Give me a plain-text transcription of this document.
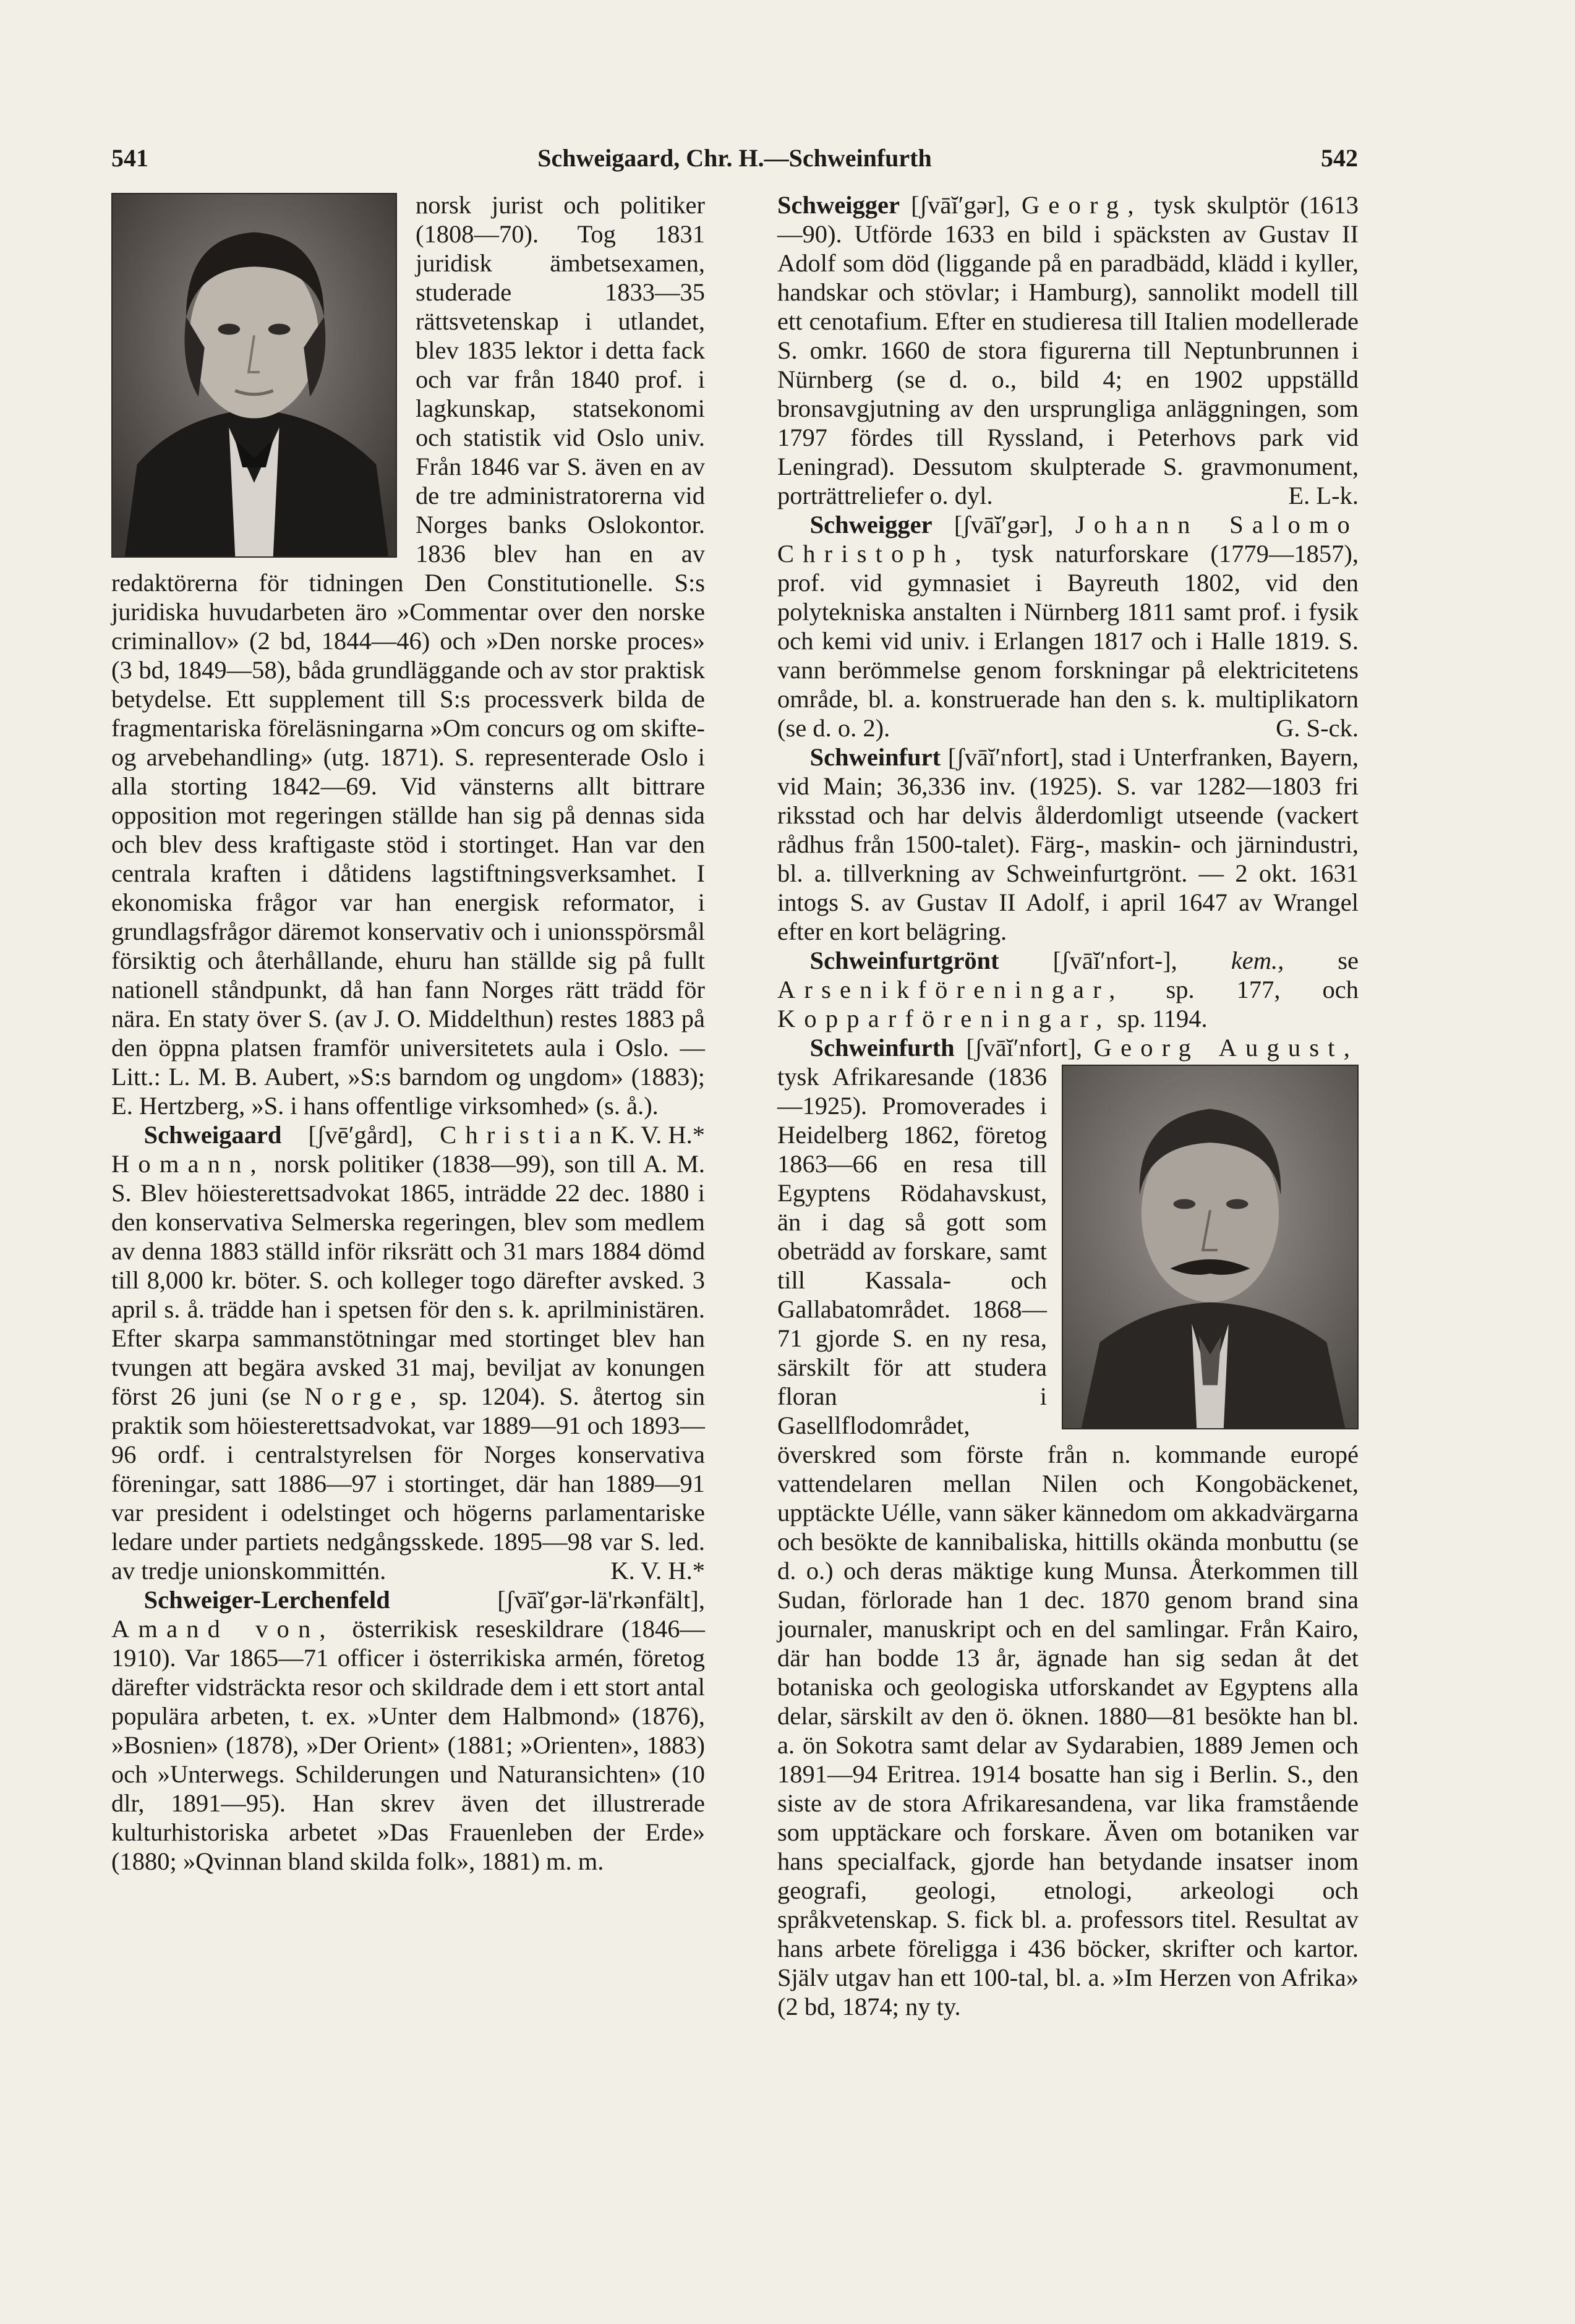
Schweigaard, Chr. H.—Schweinfurth
541	542

norsk jurist och politiker (1808—70). Tog 1831 juridisk ämbetsexamen, studerade 1833—35 rättsvetenskap i utlandet, blev 1835 lektor i detta fack och var från 1840 prof. i lagkunskap, statsekonomi och statistik vid Oslo univ. Från 1846 var S. även en av de tre administratorerna vid Norges banks Oslokontor. 1836 blev han en av redaktörerna för tidningen Den Constitutionelle. S:s juridiska huvudarbeten äro »Commentar over den norske criminallov» (2 bd, 1844—46) och »Den norske proces» (3 bd, 1849—58), båda grundläggande och av stor praktisk betydelse. Ett supplement till S:s processverk bilda de fragmentariska föreläsningarna »Om concurs og om skifte- og arvebehandling» (utg. 1871). S. representerade Oslo i alla storting 1842—69. Vid vänsterns allt bittrare opposition mot regeringen ställde han sig på dennas sida och blev dess kraftigaste stöd i stortinget. Han var den centrala kraften i dåtidens lagstiftningsverksamhet. I ekonomiska frågor var han energisk reformator, i grundlagsfrågor däremot konservativ och i unionsspörsmål försiktig och återhållande, ehuru han ställde sig på fullt nationell ståndpunkt, då han fann Norges rätt trädd för nära. En staty över S. (av J. O. Middelthun) restes 1883 på den öppna platsen framför universitetets aula i Oslo. — Litt.: L. M. B. Aubert, »S:s barndom og ungdom» (1883); E. Hertzberg, »S. i hans offentlige virksomhed» (s. å.).
K. V. H.*

Schweigaard [ʃvēʹgård], Christian Homann, norsk politiker (1838—99), son till A. M. S. Blev höiesterettsadvokat 1865, inträdde 22 dec. 1880 i den konservativa Selmerska regeringen, blev som medlem av denna 1883 ställd inför riksrätt och 31 mars 1884 dömd till 8,000 kr. böter. S. och kolleger togo därefter avsked. 3 april s. å. trädde han i spetsen för den s. k. aprilministären. Efter skarpa sammanstötningar med stortinget blev han tvungen att begära avsked 31 maj, beviljat av konungen först 26 juni (se Norge, sp. 1204). S. återtog sin praktik som höiesterettsadvokat, var 1889—91 och 1893—96 ordf. i centralstyrelsen för Norges konservativa föreningar, satt 1886—97 i stortinget, där han 1889—91 var president i odelstinget och högerns parlamentariske ledare under partiets nedgångsskede. 1895—98 var S. led. av tredje unionskommittén.	K. V. H.*

Schweiger-Lerchenfeld	[ʃvāĭʹgər-lä'rkənfält], Amand von, österrikisk reseskildrare (1846—1910). Var 1865—71 officer i österrikiska armén, företog därefter vidsträckta resor och skildrade dem i ett stort antal populära arbeten, t. ex. »Unter dem Halbmond» (1876), »Bosnien» (1878), »Der Orient» (1881; »Orienten», 1883) och »Unterwegs. Schilderungen und Naturansichten» (10 dlr, 1891—95). Han skrev även det illustrerade kulturhistoriska arbetet »Das Frauenleben der Erde» (1880; »Qvinnan bland skilda folk», 1881) m. m.

Schweigger [ʃvāĭʹgər], Georg, tysk skulptör (1613—90). Utförde 1633 en bild i späcksten av Gustav II Adolf som död (liggande på en paradbädd, klädd i kyller, handskar och stövlar; i Hamburg), sannolikt modell till ett cenotafium. Efter en studieresa till Italien modellerade S. omkr. 1660 de stora figurerna till Neptunbrunnen i Nürnberg (se d. o., bild 4; en 1902 uppställd bronsavgjutning av den ursprungliga anläggningen, som 1797 fördes till Ryssland, i Peterhovs park vid Leningrad). Dessutom skulpterade S. gravmonument, porträttreliefer o. dyl.	E. L-k.

Schweigger [ʃvāĭʹgər], Johann Salomo Christoph, tysk naturforskare (1779—1857), prof. vid gymnasiet i Bayreuth 1802, vid den polytekniska anstalten i Nürnberg 1811 samt prof. i fysik och kemi vid univ. i Erlangen 1817 och i Halle 1819. S. vann berömmelse genom forskningar på elektricitetens område, bl. a. konstruerade han den s. k. multiplikatorn (se d. o. 2).	G. S-ck.

Schweinfurt [ʃvāĭʹnfort], stad i Unterfranken, Bayern, vid Main; 36,336 inv. (1925). S. var 1282—1803 fri riksstad och har delvis ålderdomligt utseende (vackert rådhus från 1500-talet). Färg-, maskin- och järnindustri, bl. a. tillverkning av Schweinfurtgrönt. — 2 okt. 1631 intogs S. av Gustav II Adolf, i april 1647 av Wrangel efter en kort belägring.

Schweinfurtgrönt [ʃvāĭʹnfort-], kem., se Arsenikföreningar, sp. 177, och Kopparföreningar, sp. 1194.

Schweinfurth [ʃvāĭʹnfort], Georg August,
tysk Afrikaresande (1836—1925). Promoverades i Heidelberg 1862, företog 1863—66 en resa till Egyptens Rödahavskust, än i dag så gott som obeträdd av forskare, samt till Kassala- och Gallabatområdet. 1868—71 gjorde S. en ny resa, särskilt för att studera floran i Gasellflodområdet, överskred som förste från n. kommande europé vattendelaren mellan Nilen och Kongobäckenet, upptäckte Uélle, vann säker kännedom om akkadvärgarna och besökte de kannibaliska, hittills okända monbuttu (se d. o.) och deras mäktige kung Munsa. Återkommen till Sudan, förlorade han 1 dec. 1870 genom brand sina journaler, manuskript och en del samlingar. Från Kairo, där han bodde 13 år, ägnade han sig sedan åt det botaniska och geologiska utforskandet av Egyptens alla delar, särskilt av den ö. öknen. 1880—81 besökte han bl. a. ön Sokotra samt delar av Sydarabien, 1889 Jemen och 1891—94 Eritrea. 1914 bosatte han sig i Berlin. S., den siste av de stora Afrikaresandena, var lika framstående som upptäckare och forskare. Även om botaniken var hans specialfack, gjorde han betydande insatser inom geografi, geologi, etnologi, arkeologi och språkvetenskap. S. fick bl. a. professors titel. Resultat av hans arbete föreligga i 436 böcker, skrifter och kartor. Själv utgav han ett 100-tal, bl. a. »Im Herzen von Afrika» (2 bd, 1874; ny ty.
